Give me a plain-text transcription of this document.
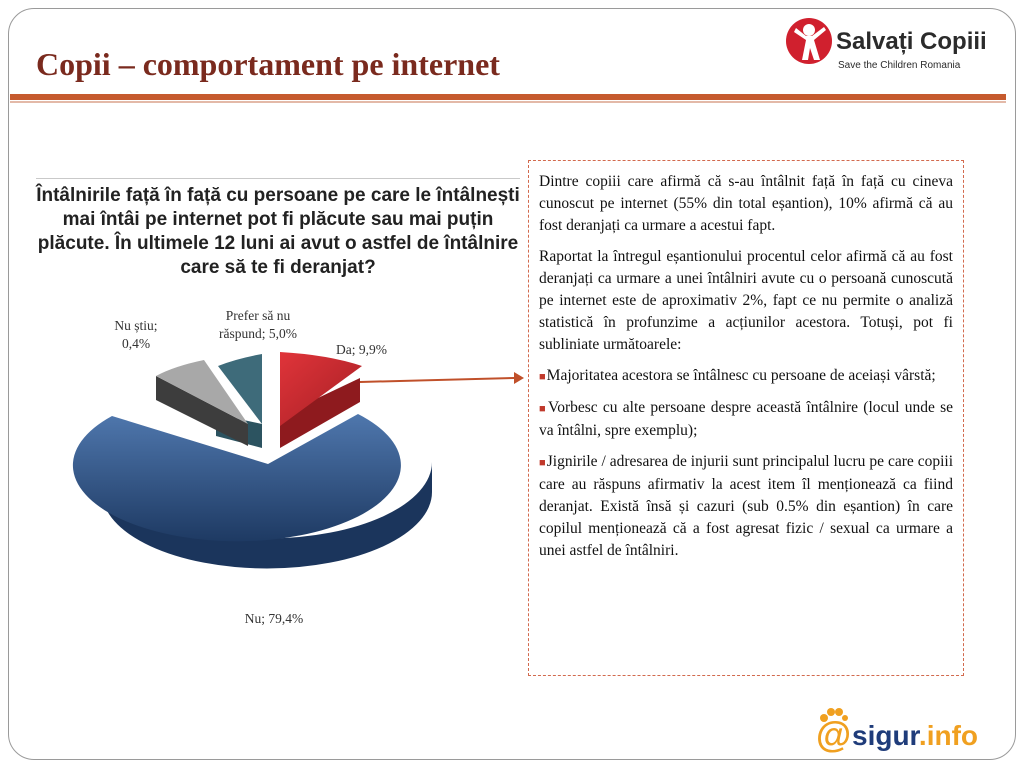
Copii – comportament pe internet
Salvați Copiii
Save the Children Romania
Întâlnirile față în față cu persoane pe care le întâlnești mai întâi pe internet pot fi plăcute sau mai puțin plăcute. În ultimele 12 luni ai avut o astfel de întâlnire care să te fi deranjat?
Nu știu;
0,4%
Prefer să nu
răspund; 5,0%
Da; 9,9%
Nu; 79,4%

Dintre copiii care afirmă că s-au întâlnit față în față cu cineva cunoscut pe internet (55% din total eșantion), 10% afirmă că au fost deranjați ca urmare a acestui fapt.

Raportat la întregul eșantionului procentul celor afirmă că au fost deranjați ca urmare a unei întâlniri avute cu o persoană cunoscută pe internet este de aproximativ 2%, fapt ce nu permite o analiză statistică în profunzime a acțiunilor acestora. Totuși, pot fi subliniate următoarele:

■Majoritatea acestora se întâlnesc cu persoane de aceiași vârstă;

■Vorbesc cu alte persoane despre această întâlnire (locul unde se va întâlni, spre exemplu);

■Jignirile / adresarea de injurii sunt principalul lucru pe care copiii care au răspuns afirmativ la acest item îl menționează ca fiind deranjat. Există însă și cazuri (sub 0.5% din eșantion) în care copilul menționează că a fost agresat fizic / sexual ca urmare a unei astfel de întâlniri.

@ sigur.info
